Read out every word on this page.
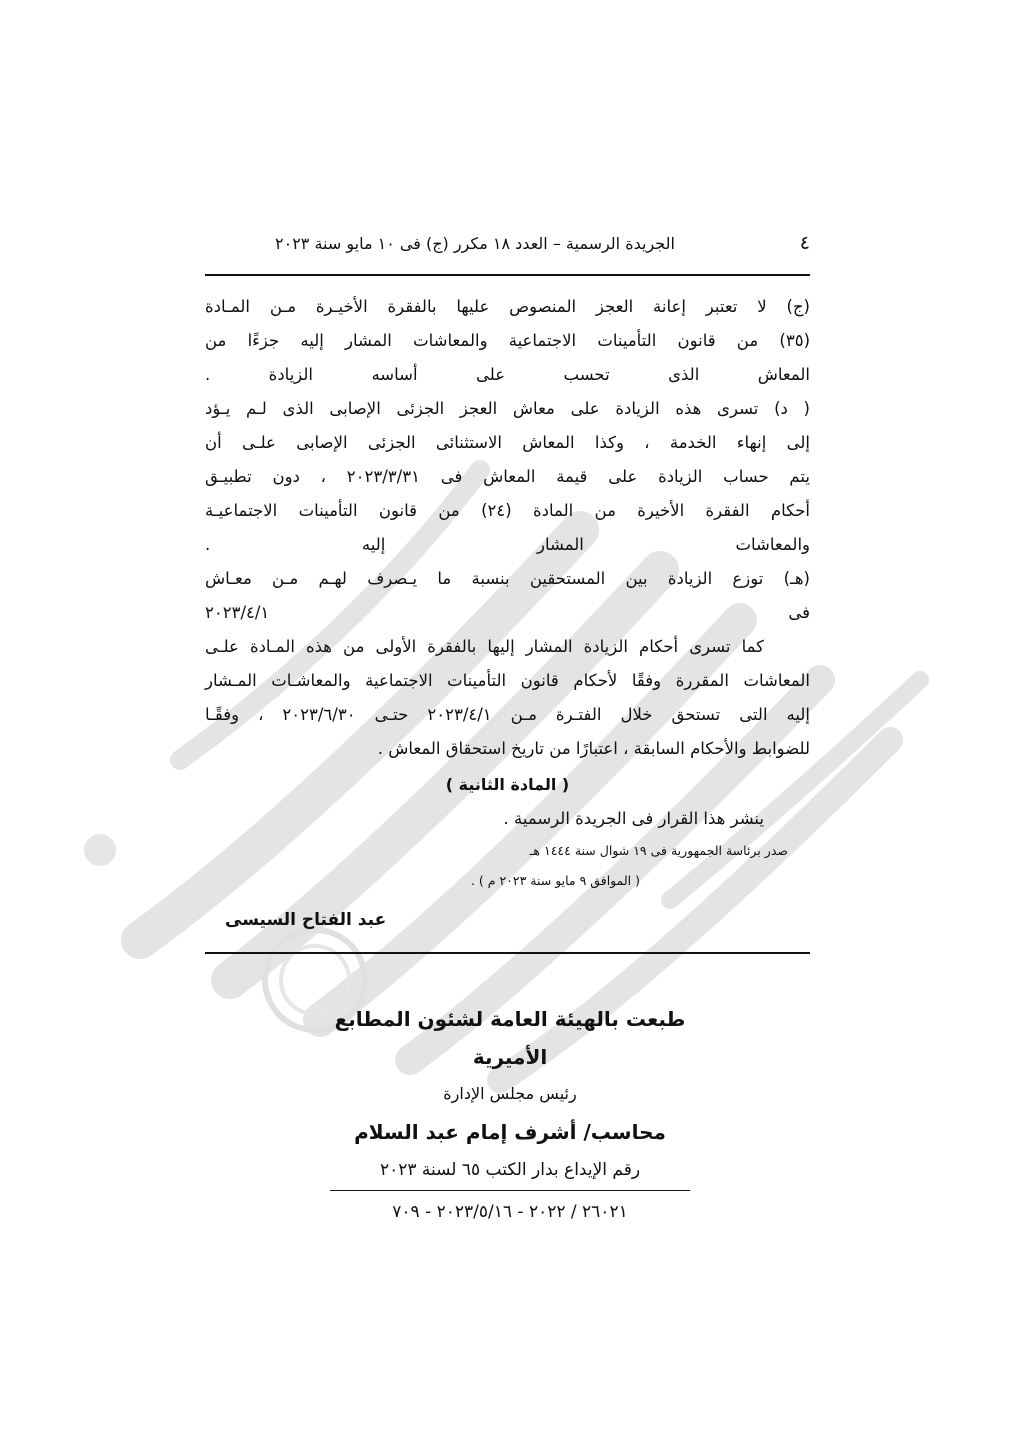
٤
الجريدة الرسمية – العدد ١٨ مكرر (ج) فى ١٠ مايو سنة ٢٠٢٣
(ج) لا تعتبر إعانة العجز المنصوص عليها بالفقرة الأخيـرة مـن المـادة
(٣٥) من قانون التأمينات الاجتماعية والمعاشات المشار إليه جزءًا من
المعاش الذى تحسب على أساسه الزيادة .
( د) تسرى هذه الزيادة على معاش العجز الجزئى الإصابى الذى لـم يـؤد
إلى إنهاء الخدمة ، وكذا المعاش الاستثنائى الجزئى الإصابى علـى أن
يتم حساب الزيادة على قيمة المعاش فى ٢٠٢٣/٣/٣١ ، دون تطبيـق
أحكام الفقرة الأخيرة من المادة (٢٤) من قانون التأمينات الاجتماعيـة
والمعاشات المشار إليه .
(هـ) توزع الزيادة بين المستحقين بنسبة ما يـصرف لهـم مـن معـاش
فى ٢٠٢٣/٤/١
كما تسرى أحكام الزيادة المشار إليها بالفقرة الأولى من هذه المـادة علـى
المعاشات المقررة وفقًا لأحكام قانون التأمينات الاجتماعية والمعاشـات المـشار
إليه التى تستحق خلال الفتـرة مـن ٢٠٢٣/٤/١ حتـى ٢٠٢٣/٦/٣٠ ، وفقًـا
للضوابط والأحكام السابقة ، اعتبارًا من تاريخ استحقاق المعاش .
( المادة الثانية )
ينشر هذا القرار فى الجريدة الرسمية .
صدر برئاسة الجمهورية فى ١٩ شوال سنة ١٤٤٤ هـ
( الموافق ٩ مايو سنة ٢٠٢٣ م ) .
عبد الفتاح السيسى
طبعت بالهيئة العامة لشئون المطابع الأميرية
رئيس مجلس الإدارة
محاسب/ أشرف إمام عبد السلام
رقم الإيداع بدار الكتب ٦٥ لسنة ٢٠٢٣
٢٦٠٢١ / ٢٠٢٢ - ٢٠٢٣/٥/١٦ - ٧٠٩
